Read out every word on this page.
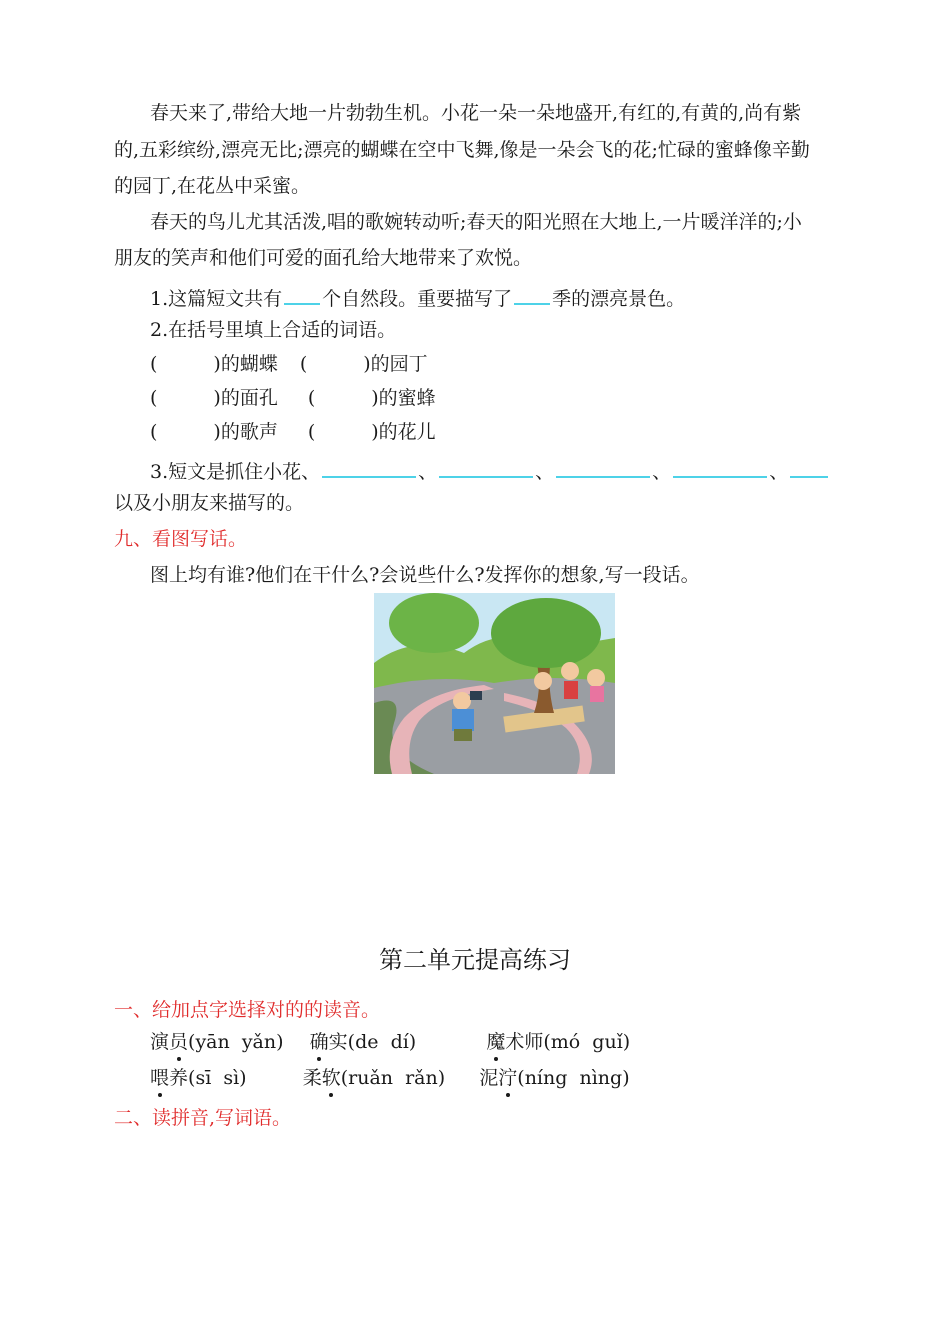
春天来了,带给大地一片勃勃生机。小花一朵一朵地盛开,有红的,有黄的,尚有紫
的,五彩缤纷,漂亮无比;漂亮的蝴蝶在空中飞舞,像是一朵会飞的花;忙碌的蜜蜂像辛勤
的园丁,在花丛中采蜜。
春天的鸟儿尤其活泼,唱的歌婉转动听;春天的阳光照在大地上,一片暖洋洋的;小
朋友的笑声和他们可爱的面孔给大地带来了欢悦。
1.这篇短文共有 个自然段。重要描写了 季的漂亮景色。
2.在括号里填上合适的词语。
(	)的蝴蝶 (	)的园丁
(	)的面孔 (	)的蜜蜂
(	)的歌声 (	)的花儿
3.短文是抓住小花、	、	、	、	、
以及小朋友来描写的。
九、看图写话。
图上均有谁?他们在干什么?会说些什么?发挥你的想象,写一段话。
第二单元提高练习
一、给加点字选择对的的读音。
演员(yān  yǎn) 确实(de  dí)	魔术师(mó  guǐ)
喂养(sī  sì)	柔软(ruǎn  rǎn) 泥泞(níng  nìng)
二、读拼音,写词语。
